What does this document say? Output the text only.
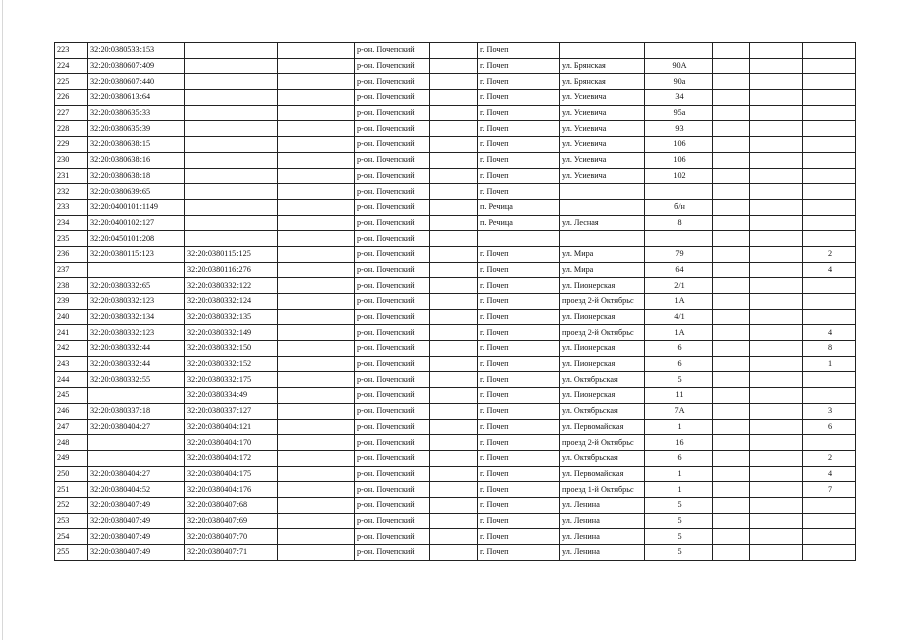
223	32:20:0380533:153			р-он. Почепский		г. Почеп					
224	32:20:0380607:409			р-он. Почепский		г. Почеп	ул. Брянская	90А			
225	32:20:0380607:440			р-он. Почепский		г. Почеп	ул. Брянская	90а			
226	32:20:0380613:64			р-он. Почепский		г. Почеп	ул. Усиевича	34			
227	32:20:0380635:33			р-он. Почепский		г. Почеп	ул. Усиевича	95а			
228	32:20:0380635:39			р-он. Почепский		г. Почеп	ул. Усиевича	93			
229	32:20:0380638:15			р-он. Почепский		г. Почеп	ул. Усиевича	106			
230	32:20:0380638:16			р-он. Почепский		г. Почеп	ул. Усиевича	106			
231	32:20:0380638:18			р-он. Почепский		г. Почеп	ул. Усиевича	102			
232	32:20:0380639:65			р-он. Почепский		г. Почеп					
233	32:20:0400101:1149			р-он. Почепский		п. Речица		б/н			
234	32:20:0400102:127			р-он. Почепский		п. Речица	ул. Лесная	8			
235	32:20:0450101:208			р-он. Почепский							
236	32:20:0380115:123	32:20:0380115:125		р-он. Почепский		г. Почеп	ул. Мира	79			2
237		32:20:0380116:276		р-он. Почепский		г. Почеп	ул. Мира	64			4
238	32:20:0380332:65	32:20:0380332:122		р-он. Почепский		г. Почеп	ул. Пионерская	2/1			
239	32:20:0380332:123	32:20:0380332:124		р-он. Почепский		г. Почеп	проезд 2-й Октябрьс	1А			
240	32:20:0380332:134	32:20:0380332:135		р-он. Почепский		г. Почеп	ул. Пионерская	4/1			
241	32:20:0380332:123	32:20:0380332:149		р-он. Почепский		г. Почеп	проезд 2-й Октябрьс	1А			4
242	32:20:0380332:44	32:20:0380332:150		р-он. Почепский		г. Почеп	ул. Пионерская	6			8
243	32:20:0380332:44	32:20:0380332:152		р-он. Почепский		г. Почеп	ул. Пионерская	6			1
244	32:20:0380332:55	32:20:0380332:175		р-он. Почепский		г. Почеп	ул. Октябрьская	5			
245		32:20:0380334:49		р-он. Почепский		г. Почеп	ул. Пионерская	11			
246	32:20:0380337:18	32:20:0380337:127		р-он. Почепский		г. Почеп	ул. Октябрьская	7А			3
247	32:20:0380404:27	32:20:0380404:121		р-он. Почепский		г. Почеп	ул. Первомайская	1			6
248		32:20:0380404:170		р-он. Почепский		г. Почеп	проезд 2-й Октябрьс	16			
249		32:20:0380404:172		р-он. Почепский		г. Почеп	ул. Октябрьская	6			2
250	32:20:0380404:27	32:20:0380404:175		р-он. Почепский		г. Почеп	ул. Первомайская	1			4
251	32:20:0380404:52	32:20:0380404:176		р-он. Почепский		г. Почеп	проезд 1-й Октябрьс	1			7
252	32:20:0380407:49	32:20:0380407:68		р-он. Почепский		г. Почеп	ул. Ленина	5			
253	32:20:0380407:49	32:20:0380407:69		р-он. Почепский		г. Почеп	ул. Ленина	5			
254	32:20:0380407:49	32:20:0380407:70		р-он. Почепский		г. Почеп	ул. Ленина	5			
255	32:20:0380407:49	32:20:0380407:71		р-он. Почепский		г. Почеп	ул. Ленина	5			
